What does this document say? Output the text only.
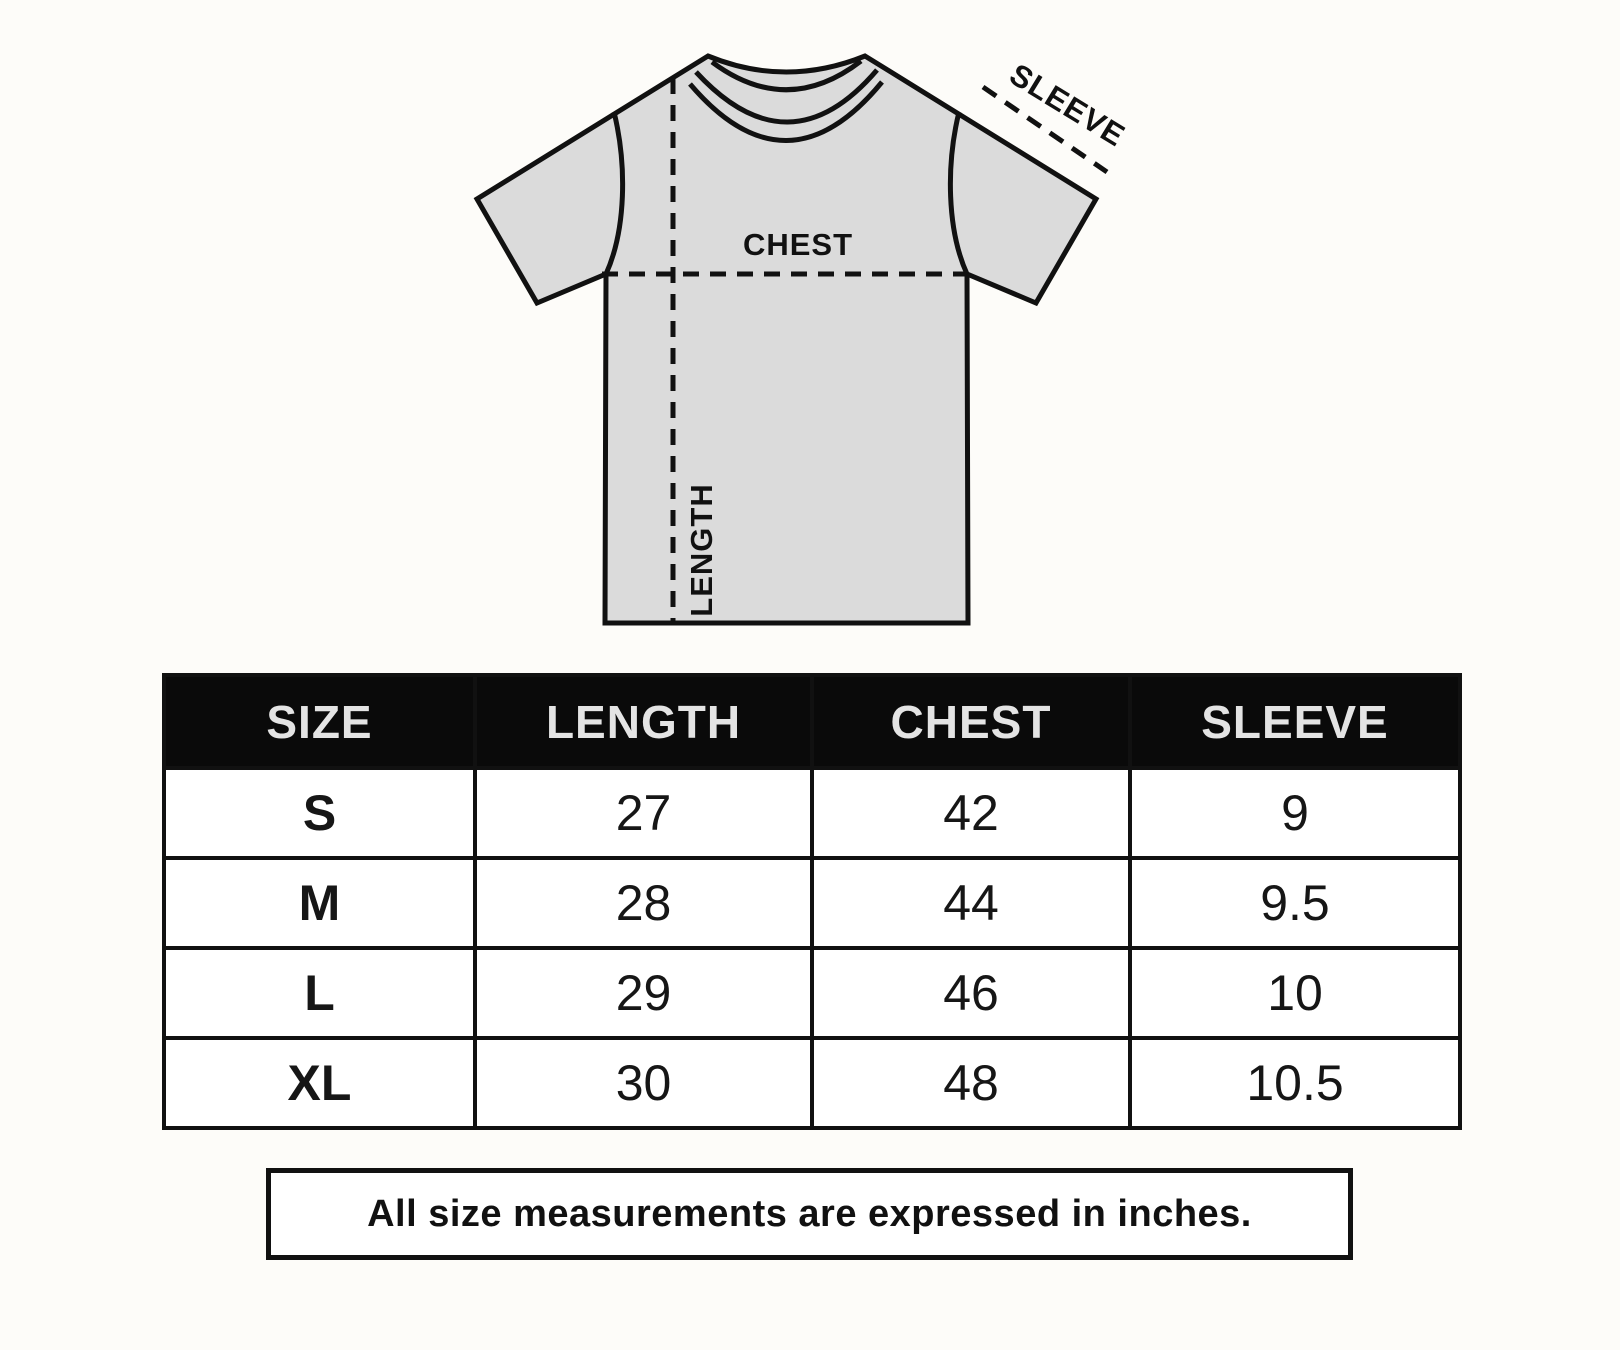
CHEST
LENGTH
SLEEVE
SIZE	LENGTH	CHEST	SLEEVE
S	27	42	9
M	28	44	9.5
L	29	46	10
XL	30	48	10.5
All size measurements are expressed in inches.
